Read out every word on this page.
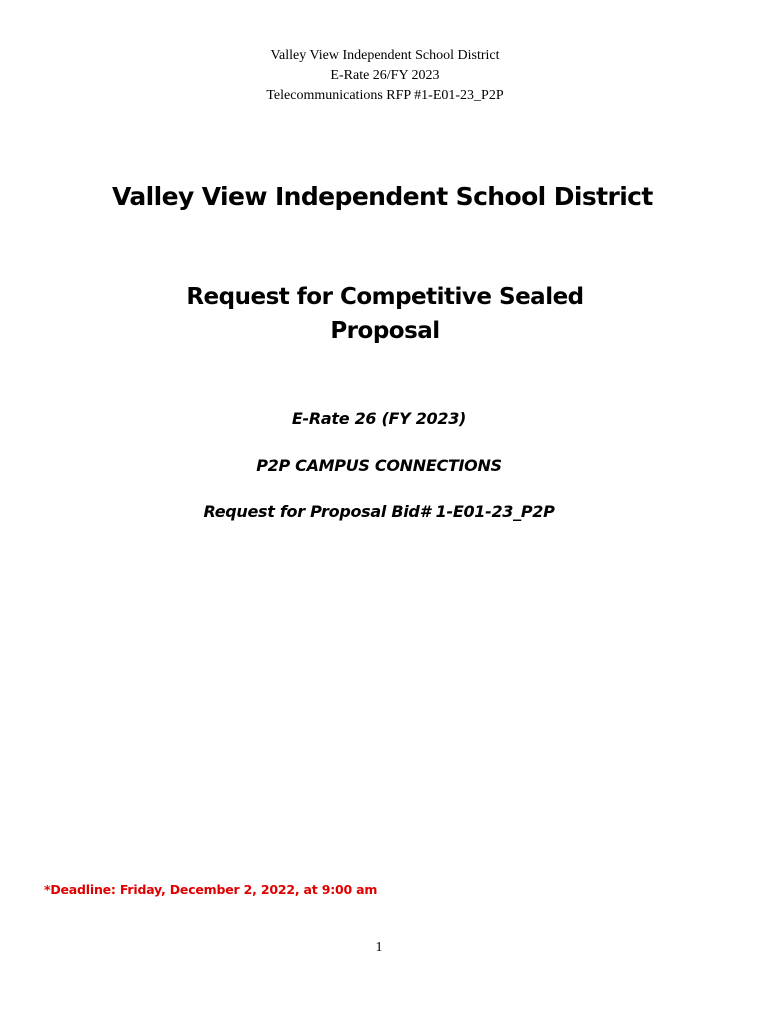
Valley View Independent School District
E-Rate 26/FY 2023
Telecommunications RFP #1-E01-23_P2P
Valley View Independent School District
Request for Competitive Sealed
Proposal
E-Rate 26 (FY 2023)
P2P CAMPUS CONNECTIONS
Request for Proposal Bid# 1-E01-23_P2P
*Deadline: Friday, December 2, 2022, at 9:00 am
1
